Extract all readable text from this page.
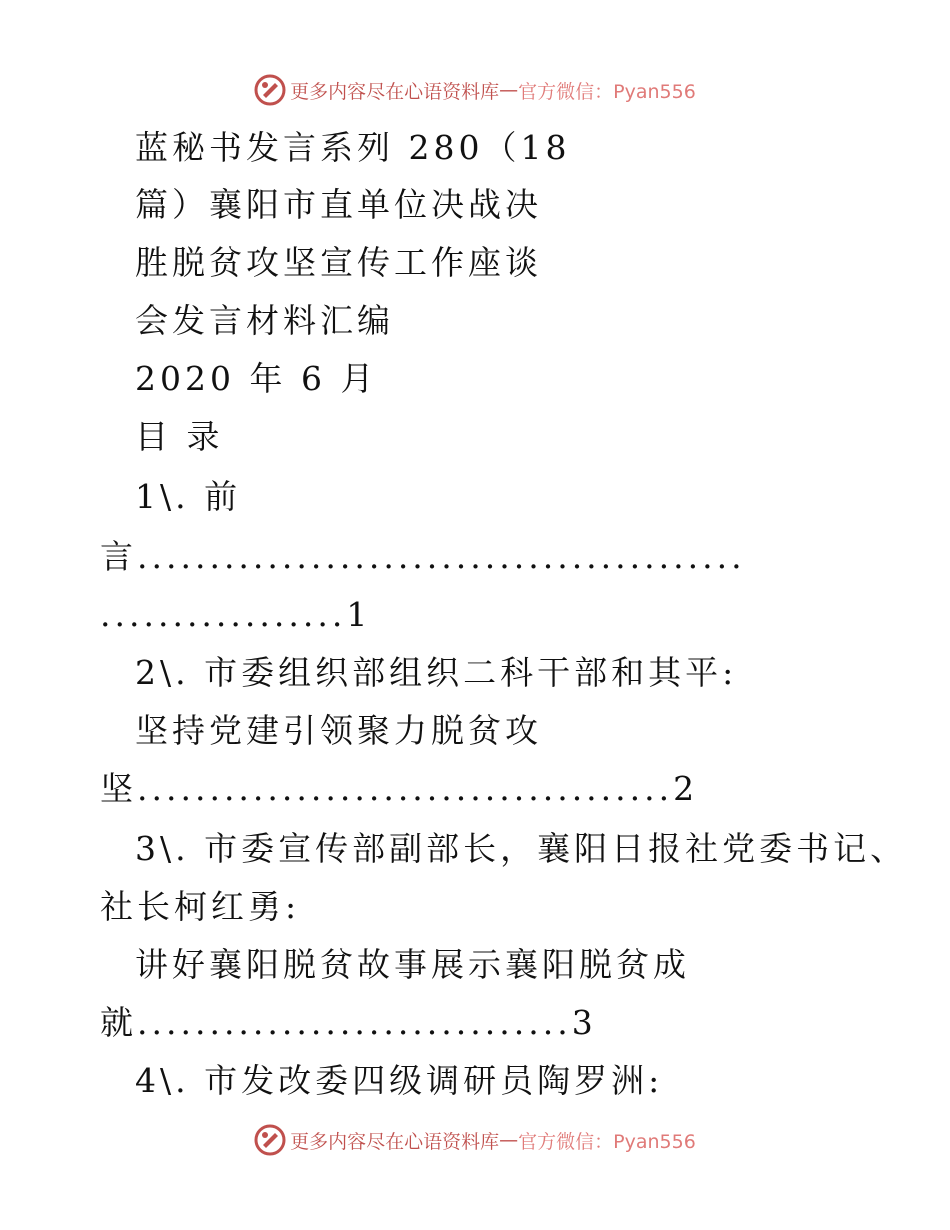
更多内容尽在心语资料库 — 官方微信：Pyan556
蓝秘书发言系列 280（18
篇）襄阳市直单位决战决
胜脱贫攻坚宣传工作座谈
会发言材料汇编
2020 年 6 月
目 录
1\. 前
言..........................................
.................1
2\. 市委组织部组织二科干部和其平:
坚持党建引领聚力脱贫攻
坚.....................................2
3\. 市委宣传部副部长，襄阳日报社党委书记、
社长柯红勇:
讲好襄阳脱贫故事展示襄阳脱贫成
就..............................3
4\. 市发改委四级调研员陶罗洲:
更多内容尽在心语资料库 — 官方微信：Pyan556
